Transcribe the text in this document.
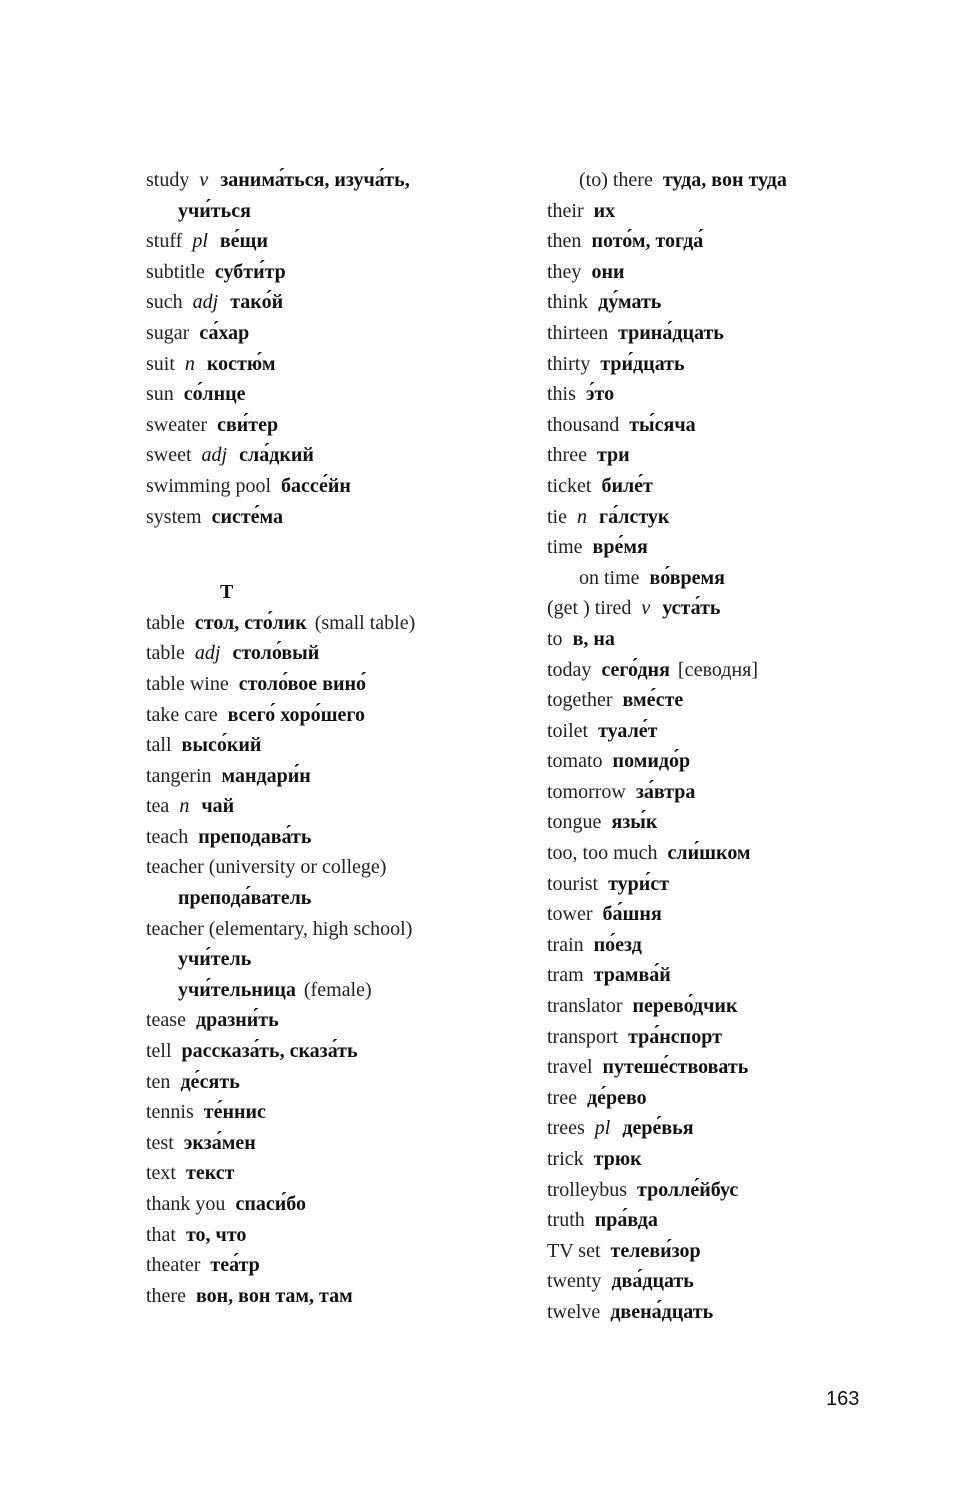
study v занима́ться, изуча́ть,
учи́ться
stuff pl ве́щи
subtitle субти́тр
such adj тако́й
sugar са́хар
suit n костю́м
sun со́лнце
sweater сви́тер
sweet adj сла́дкий
swimming pool бассе́йн
system систе́ма
T
table стол, сто́лик (small table)
table adj столо́вый
table wine столо́вое вино́
take care всего́ хоро́шего
tall высо́кий
tangerin мандари́н
tea n чай
teach преподава́ть
teacher (university or college)
препода́ватель
teacher (elementary, high school)
учи́тель
учи́тельница (female)
tease дразни́ть
tell рассказа́ть, сказа́ть
ten де́сять
tennis те́ннис
test экза́мен
text текст
thank you спаси́бо
that то, что
theater теа́тр
there вон, вон там, там
(to) there туда, вон туда
their их
then пото́м, тогда́
they они
think ду́мать
thirteen трина́дцать
thirty три́дцать
this э́то
thousand ты́сяча
three три
ticket биле́т
tie n га́лстук
time вре́мя
on time во́время
(get ) tired v уста́ть
to в, на
today сего́дня [севодня]
together вме́сте
toilet туале́т
tomato помидо́р
tomorrow за́втра
tongue язы́к
too, too much сли́шком
tourist тури́ст
tower ба́шня
train по́езд
tram трамва́й
translator перево́дчик
transport тра́нспорт
travel путеше́ствовать
tree де́рево
trees pl дере́вья
trick трюк
trolleybus тролле́йбус
truth пра́вда
TV set телеви́зор
twenty два́дцать
twelve двена́дцать
163
